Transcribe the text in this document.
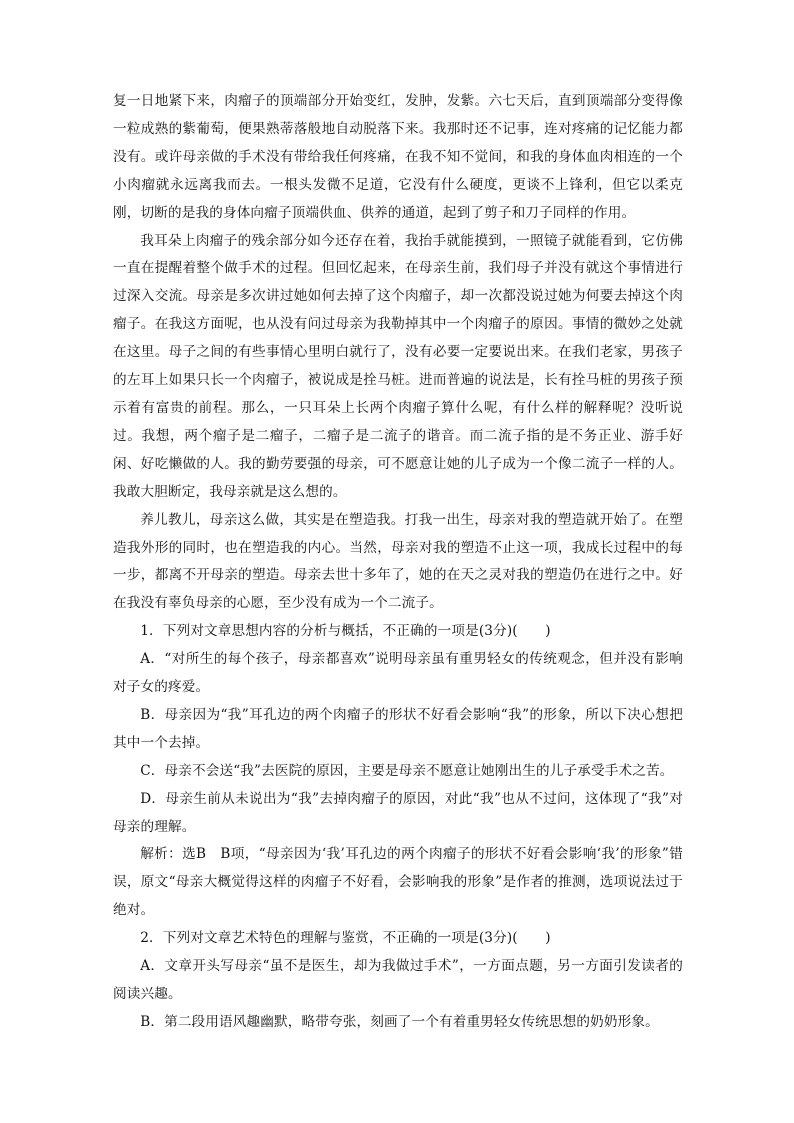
复一日地紧下来，肉瘤子的顶端部分开始变红，发肿，发紫。六七天后，直到顶端部分变得像一粒成熟的紫葡萄，便果熟蒂落般地自动脱落下来。我那时还不记事，连对疼痛的记忆能力都没有。或许母亲做的手术没有带给我任何疼痛，在我不知不觉间，和我的身体血肉相连的一个小肉瘤就永远离我而去。一根头发微不足道，它没有什么硬度，更谈不上锋利，但它以柔克刚，切断的是我的身体向瘤子顶端供血、供养的通道，起到了剪子和刀子同样的作用。

我耳朵上肉瘤子的残余部分如今还存在着，我抬手就能摸到，一照镜子就能看到，它仿佛一直在提醒着整个做手术的过程。但回忆起来，在母亲生前，我们母子并没有就这个事情进行过深入交流。母亲是多次讲过她如何去掉了这个肉瘤子，却一次都没说过她为何要去掉这个肉瘤子。在我这方面呢，也从没有问过母亲为我勒掉其中一个肉瘤子的原因。事情的微妙之处就在这里。母子之间的有些事情心里明白就行了，没有必要一定要说出来。在我们老家，男孩子的左耳上如果只长一个肉瘤子，被说成是拴马桩。进而普遍的说法是，长有拴马桩的男孩子预示着有富贵的前程。那么，一只耳朵上长两个肉瘤子算什么呢，有什么样的解释呢？没听说过。我想，两个瘤子是二瘤子，二瘤子是二流子的谐音。而二流子指的是不务正业、游手好闲、好吃懒做的人。我的勤劳要强的母亲，可不愿意让她的儿子成为一个像二流子一样的人。我敢大胆断定，我母亲就是这么想的。

养儿教儿，母亲这么做，其实是在塑造我。打我一出生，母亲对我的塑造就开始了。在塑造我外形的同时，也在塑造我的内心。当然，母亲对我的塑造不止这一项，我成长过程中的每一步，都离不开母亲的塑造。母亲去世十多年了，她的在天之灵对我的塑造仍在进行之中。好在我没有辜负母亲的心愿，至少没有成为一个二流子。

1．下列对文章思想内容的分析与概括，不正确的一项是(3分)(　　)

A．“对所生的每个孩子，母亲都喜欢”说明母亲虽有重男轻女的传统观念，但并没有影响对子女的疼爱。

B．母亲因为“我”耳孔边的两个肉瘤子的形状不好看会影响“我”的形象，所以下决心想把其中一个去掉。

C．母亲不会送“我”去医院的原因，主要是母亲不愿意让她刚出生的儿子承受手术之苦。

D．母亲生前从未说出为“我”去掉肉瘤子的原因，对此“我”也从不过问，这体现了“我”对母亲的理解。

解析：选B　B项，“母亲因为‘我’耳孔边的两个肉瘤子的形状不好看会影响‘我’的形象”错误，原文“母亲大概觉得这样的肉瘤子不好看，会影响我的形象”是作者的推测，选项说法过于绝对。

2．下列对文章艺术特色的理解与鉴赏，不正确的一项是(3分)(　　)

A．文章开头写母亲“虽不是医生，却为我做过手术”，一方面点题，另一方面引发读者的阅读兴趣。

B．第二段用语风趣幽默，略带夸张，刻画了一个有着重男轻女传统思想的奶奶形象。
